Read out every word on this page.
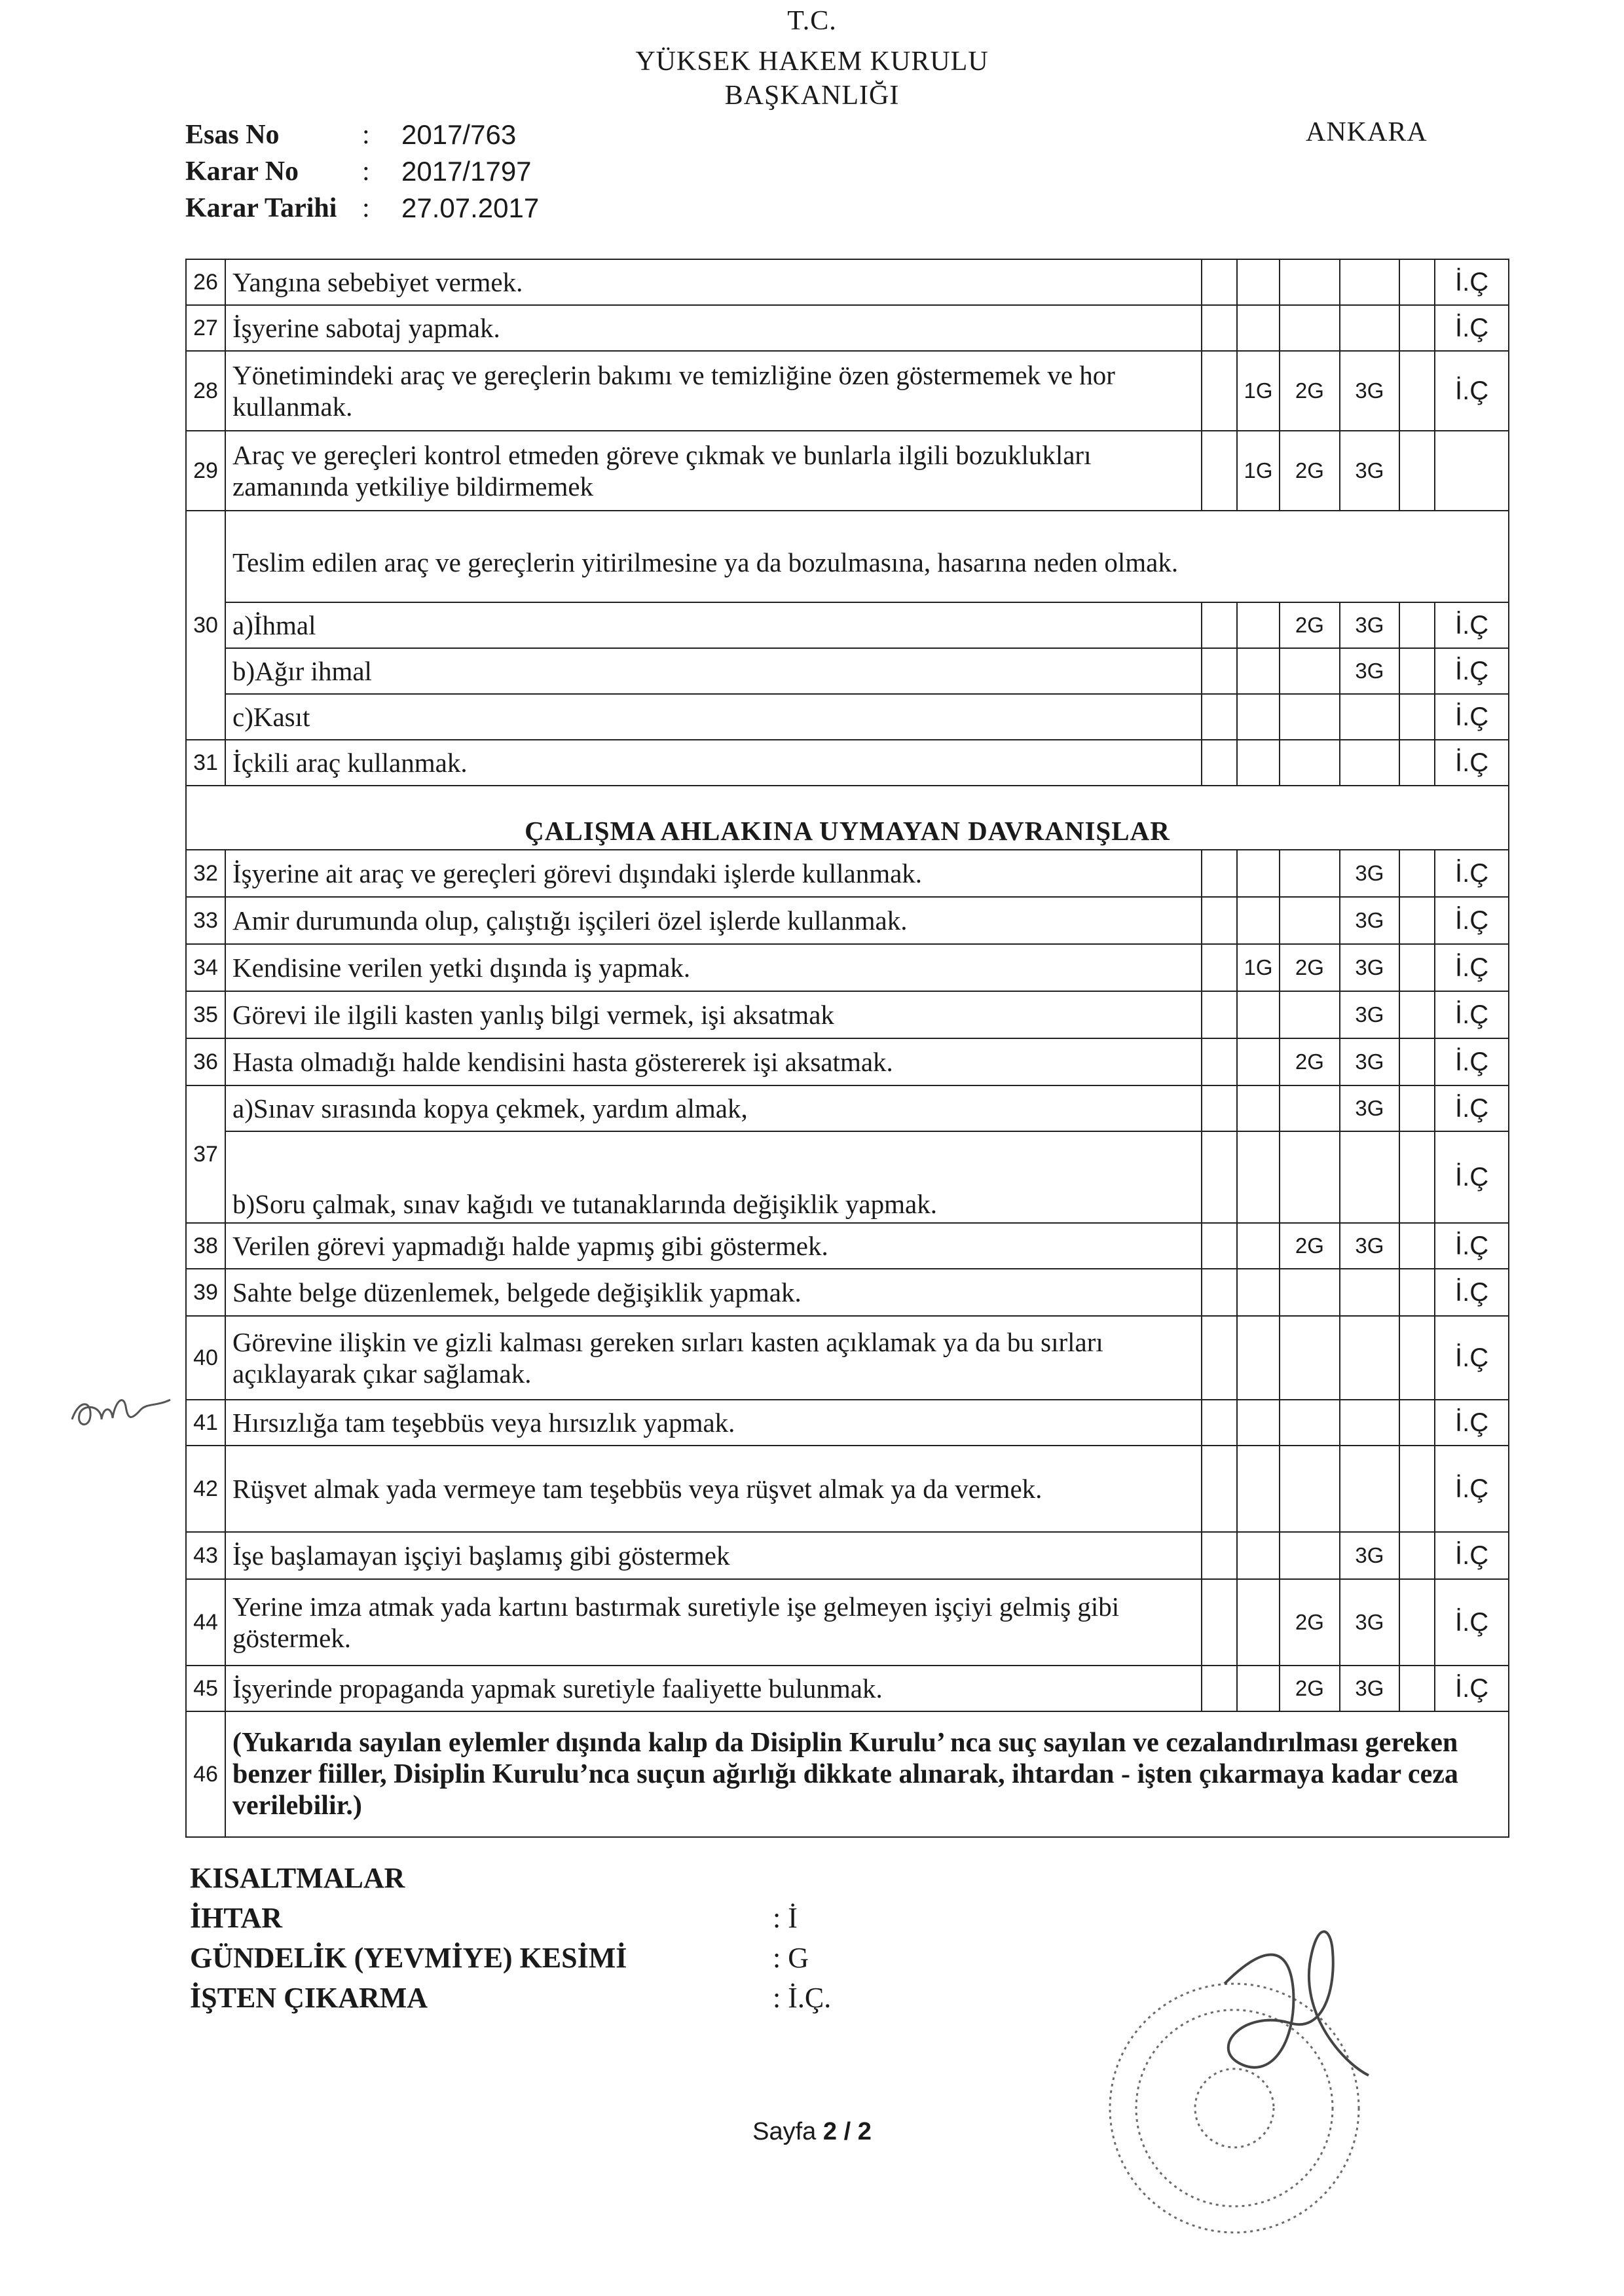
T.C.
YÜKSEK HAKEM KURULU
BAŞKANLIĞI
ANKARA
Esas No	:	2017/763
Karar No	:	2017/1797
Karar Tarihi :	27.07.2017
26	Yangına sebebiyet vermek.						İ.Ç
27	İşyerine sabotaj yapmak.						İ.Ç
28	Yönetimindeki araç ve gereçlerin bakımı ve temizliğine özen göstermemek ve hor kullanmak.		1G	2G	3G		İ.Ç
29	Araç ve gereçleri kontrol etmeden göreve çıkmak ve bunlarla ilgili bozuklukları zamanında yetkiliye bildirmemek		1G	2G	3G		
30	Teslim edilen araç ve gereçlerin yitirilmesine ya da bozulmasına, hasarına neden olmak.						
	a)İhmal			2G	3G		İ.Ç
	b)Ağır ihmal				3G		İ.Ç
	c)Kasıt						İ.Ç
31	İçkili araç kullanmak.						İ.Ç
ÇALIŞMA AHLAKINA UYMAYAN DAVRANIŞLAR							
32	İşyerine ait araç ve gereçleri görevi dışındaki işlerde kullanmak.				3G		İ.Ç
33	Amir durumunda olup, çalıştığı işçileri özel işlerde kullanmak.				3G		İ.Ç
34	Kendisine verilen yetki dışında iş yapmak.		1G	2G	3G		İ.Ç
35	Görevi ile ilgili kasten yanlış bilgi vermek, işi aksatmak				3G		İ.Ç
36	Hasta olmadığı halde kendisini hasta göstererek işi aksatmak.			2G	3G		İ.Ç
37	a)Sınav sırasında kopya çekmek, yardım almak,				3G		İ.Ç
	b)Soru çalmak, sınav kağıdı ve tutanaklarında değişiklik yapmak.						İ.Ç
38	Verilen görevi yapmadığı halde yapmış gibi göstermek.			2G	3G		İ.Ç
39	Sahte belge düzenlemek, belgede değişiklik yapmak.						İ.Ç
40	Görevine ilişkin ve gizli kalması gereken sırları kasten açıklamak ya da bu sırları açıklayarak çıkar sağlamak.						İ.Ç
41	Hırsızlığa tam teşebbüs veya hırsızlık yapmak.						İ.Ç
42	Rüşvet almak yada vermeye tam teşebbüs veya rüşvet almak ya da vermek.						İ.Ç
43	İşe başlamayan işçiyi başlamış gibi göstermek				3G		İ.Ç
44	Yerine imza atmak yada kartını bastırmak suretiyle işe gelmeyen işçiyi gelmiş gibi göstermek.			2G	3G		İ.Ç
45	İşyerinde propaganda yapmak suretiyle faaliyette bulunmak.			2G	3G		İ.Ç
46	(Yukarıda sayılan eylemler dışında kalıp da Disiplin Kurulu’ nca suç sayılan ve cezalandırılması gereken benzer fiiller, Disiplin Kurulu’nca suçun ağırlığı dikkate alınarak, ihtardan - işten çıkarmaya kadar ceza verilebilir.)						
KISALTMALAR
İHTAR	: İ
GÜNDELİK (YEVMİYE) KESİMİ	: G
İŞTEN ÇIKARMA	: İ.Ç.
Sayfa 2 / 2
